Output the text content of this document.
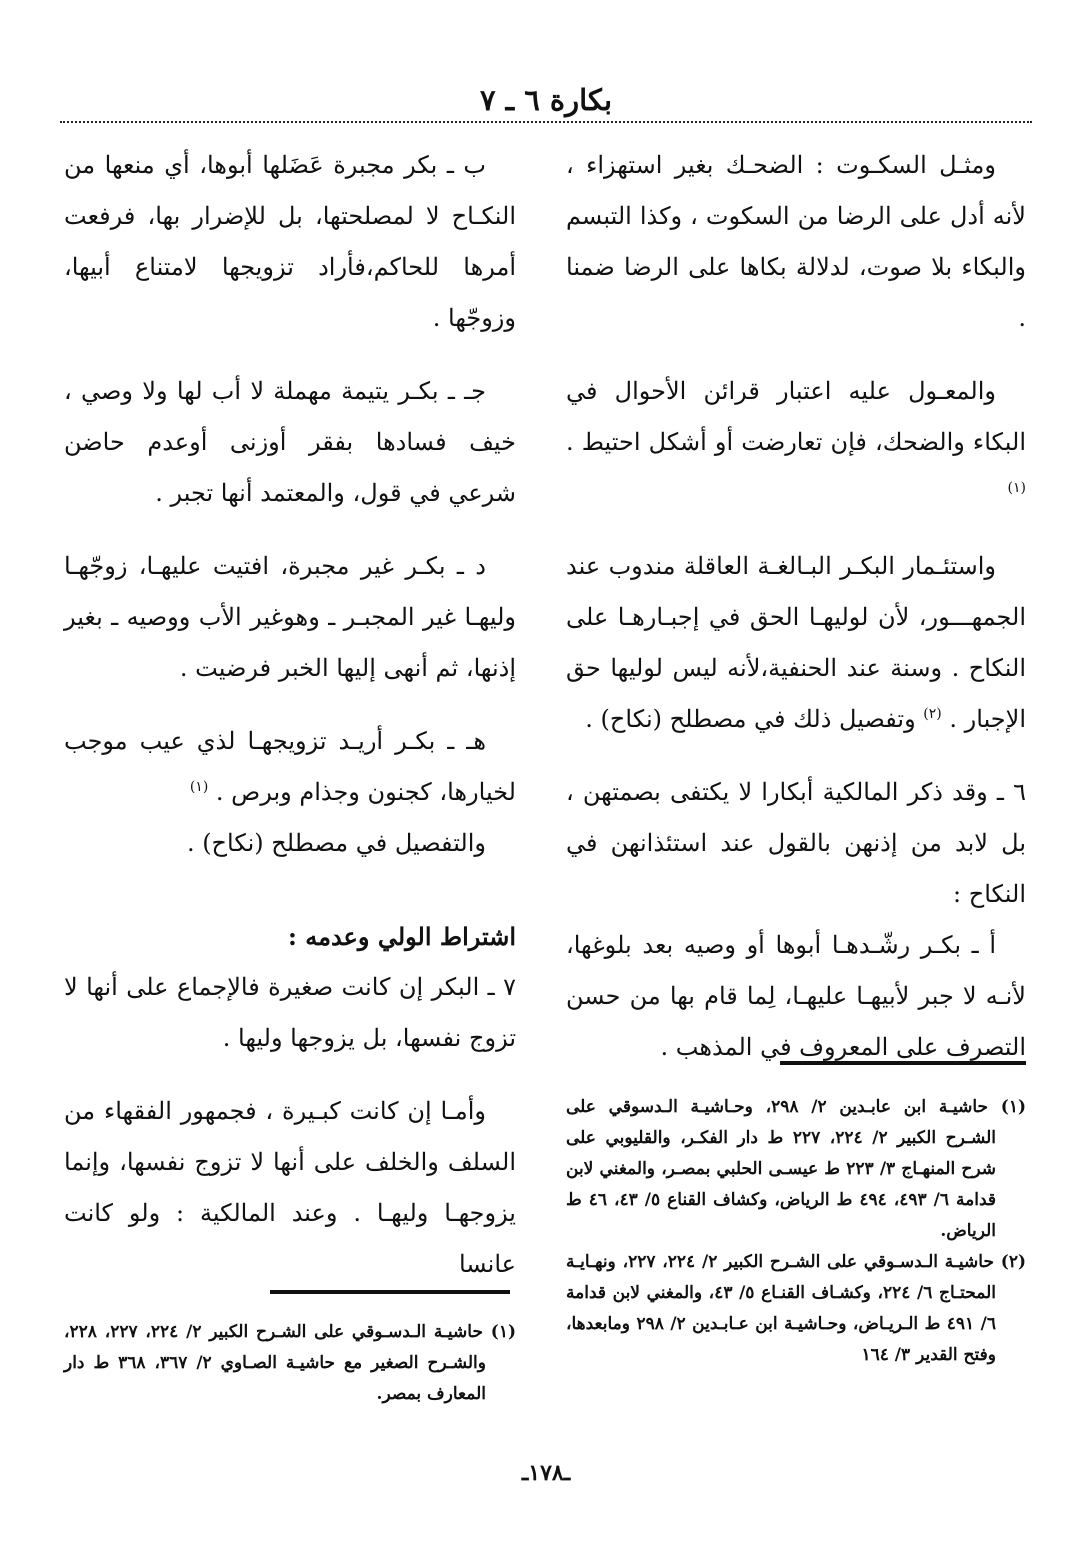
بكارة ٦ ـ ٧

ومثـل السكـوت : الضحـك بغير استهزاء ، لأنه أدل على الرضا من السكوت ، وكذا التبسم والبكاء بلا صوت، لدلالة بكاها على الرضا ضمنا .

والمعـول عليه اعتبار قرائن الأحوال في البكاء والضحك، فإن تعارضت أو أشكل احتيط . $^{(١)}$

واستئـمار البكـر البـالغـة العاقلة مندوب عند الجمهـــور، لأن لوليهـا الحق في إجبـارهـا على النكاح . وسنة عند الحنفية،لأنه ليس لوليها حق الإجبار . $^{(٢)}$ وتفصيل ذلك في مصطلح (نكاح) .

٦ ـ وقد ذكر المالكية أبكارا لا يكتفى بصمتهن ، بل لابد من إذنهن بالقول عند استئذانهن في النكاح :

أ ـ بكـر رشّـدهـا أبوها أو وصيه بعد بلوغها، لأنـه لا جبر لأبيهـا عليهـا، لِما قام بها من حسن التصرف على المعروف في المذهب .

ب ـ بكر مجبرة عَضَلها أبوها، أي منعها من النكـاح لا لمصلحتها، بل للإضرار بها، فرفعت أمرها للحاكم،فأراد تزويجها لامتناع أبيها، وزوجّها .

جـ ـ بكـر يتيمة مهملة لا أب لها ولا وصي ، خيف فسادها بفقر أوزنى أوعدم حاضن شرعي في قول، والمعتمد أنها تجبر .

د ـ بكـر غير مجبرة، افتيت عليهـا، زوجّهـا وليهـا غير المجبـر ـ وهوغير الأب ووصيه ـ بغير إذنها، ثم أنهى إليها الخبر فرضيت .

هـ ـ بكـر أريـد تزويجهـا لذي عيب موجب لخيارها، كجنون وجذام وبرص . $^{(١)}$

والتفصيل في مصطلح (نكاح) .

اشتراط الولي وعدمه :

٧ ـ البكر إن كانت صغيرة فالإجماع على أنها لا تزوج نفسها، بل يزوجها وليها .

وأمـا إن كانت كبـيرة ، فجمهور الفقهاء من السلف والخلف على أنها لا تزوج نفسها، وإنما يزوجهـا وليهـا . وعند المالكية : ولو كانت عانسا

(١) حاشيـة ابن عابـدين ٢/ ٢٩٨، وحـاشيـة الـدسوقي على الشـرح الكبير ٢/ ٢٢٤، ٢٢٧ ط دار الفكـر، والقليوبي على شرح المنهـاج ٣/ ٢٢٣ ط عيسـى الحلبي بمصـر، والمغني لابن قدامة ٦/ ٤٩٣، ٤٩٤ ط الرياض، وكشاف القناع ٥/ ٤٣، ٤٦ ط الرياض.

(٢) حاشيـة الـدسـوقي على الشـرح الكبير ٢/ ٢٢٤، ٢٢٧، ونهـايـة المحتـاج ٦/ ٢٢٤، وكشـاف القنـاع ٥/ ٤٣، والمغني لابن قدامة ٦/ ٤٩١ ط الـريـاض، وحـاشيـة ابن عـابـدين ٢/ ٢٩٨ ومابعدها، وفتح القدير ٣/ ١٦٤

(١) حاشيـة الـدسـوقي على الشـرح الكبير ٢/ ٢٢٤، ٢٢٧، ٢٢٨، والشـرح الصغير مع حاشيـة الصـاوي ٢/ ٣٦٧، ٣٦٨ ط دار المعارف بمصر.

ـ١٧٨ـ
